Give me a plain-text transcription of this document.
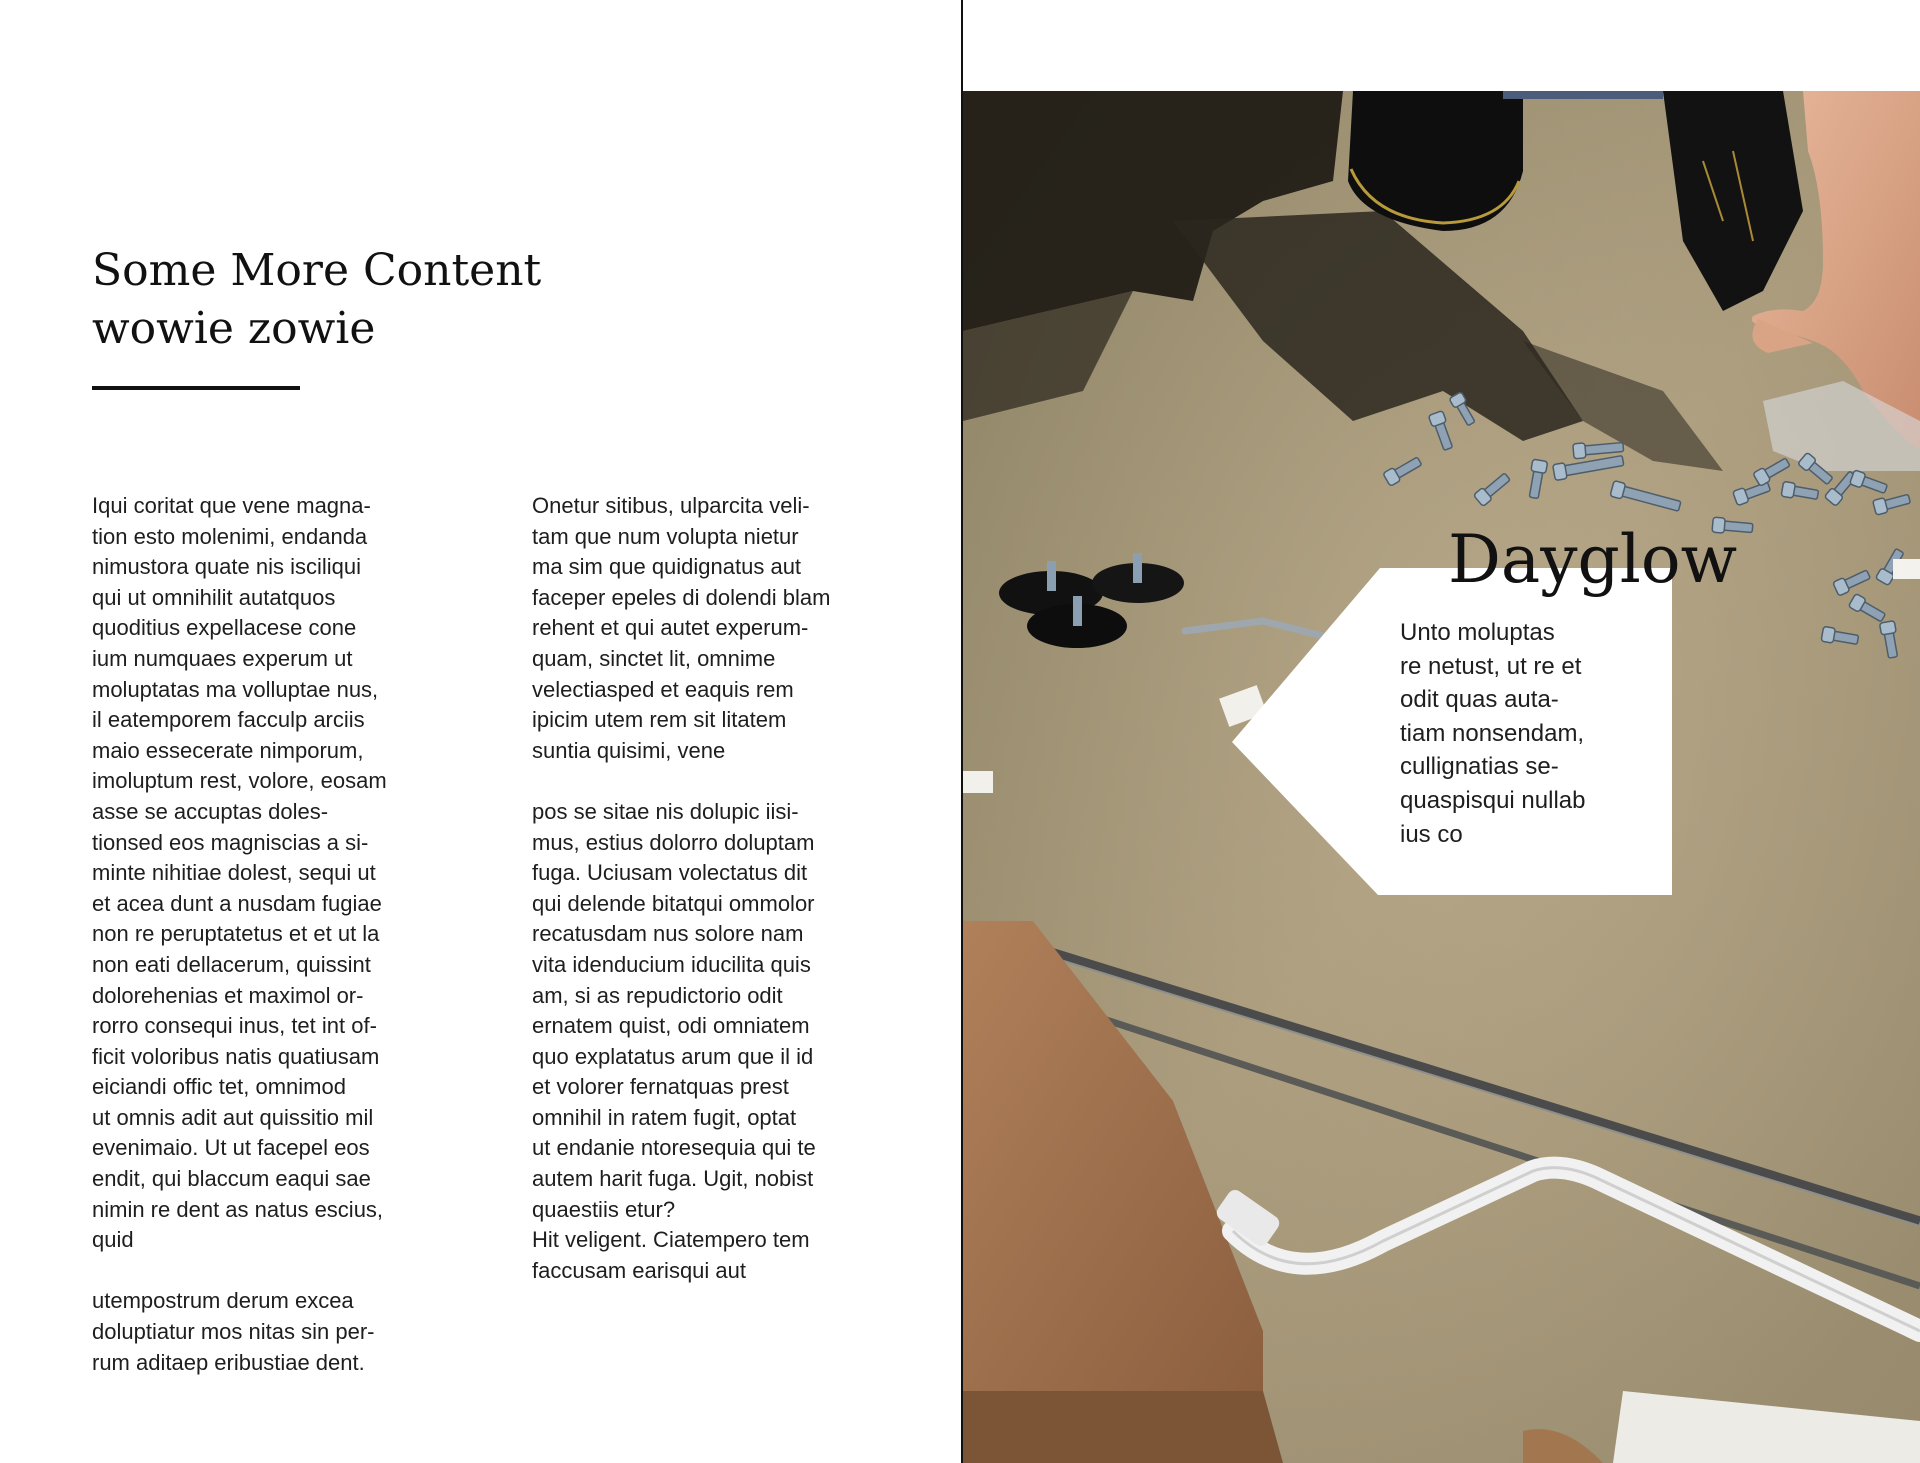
Some More Content
wowie zowie

Iqui coritat que vene magna-
tion esto molenimi, endanda
nimustora quate nis isciliqui
qui ut omnihilit autatquos
quoditius expellacese cone
ium numquaes experum ut
moluptatas ma volluptae nus,
il eatemporem facculp arciis
maio essecerate nimporum,
imoluptum rest, volore, eosam
asse se accuptas doles-
tionsed eos magniscias a si-
minte nihitiae dolest, sequi ut
et acea dunt a nusdam fugiae
non re peruptatetus et et ut la
non eati dellacerum, quissint
dolorehenias et maximol or-
rorro consequi inus, tet int of-
ficit voloribus natis quatiusam
eiciandi offic tet, omnimod
ut omnis adit aut quissitio mil
evenimaio. Ut ut facepel eos
endit, qui blaccum eaqui sae
nimin re dent as natus escius,
quid

utempostrum derum excea
doluptiatur mos nitas sin per-
rum aditaep eribustiae dent.

Onetur sitibus, ulparcita veli-
tam que num volupta nietur
ma sim que quidignatus aut
faceper epeles di dolendi blam
rehent et qui autet experum-
quam, sinctet lit, omnime
velectiasped et eaquis rem
ipicim utem rem sit litatem
suntia quisimi, vene

pos se sitae nis dolupic iisi-
mus, estius dolorro doluptam
fuga. Uciusam volectatus dit
qui delende bitatqui ommolor
recatusdam nus solore nam
vita idenducium iducilita quis
am, si as repudictorio odit
ernatem quist, odi omniatem
quo explatatus arum que il id
et volorer fernatquas prest
omnihil in ratem fugit, optat
ut endanie ntoresequia qui te
autem harit fuga. Ugit, nobist
quaestiis etur?

Hit veligent. Ciatempero tem
faccusam earisqui aut

Dayglow

Unto moluptas
re netust, ut re et
odit quas auta-
tiam nonsendam,
cullignatias se-
quaspisqui nullab
ius co
